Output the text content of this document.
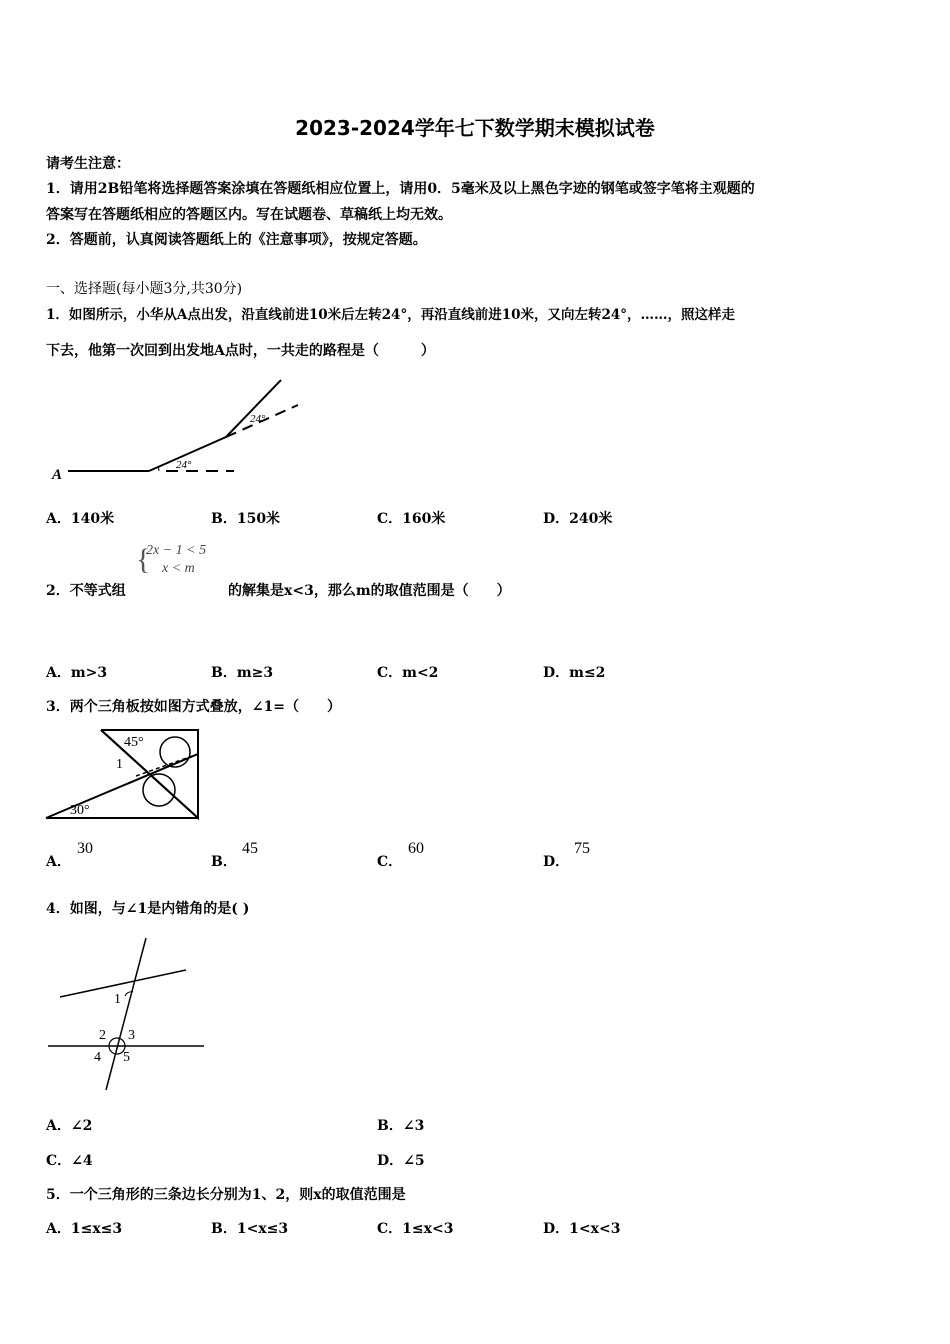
2023-2024学年七下数学期末模拟试卷
请考生注意：
1．请用2B铅笔将选择题答案涂填在答题纸相应位置上，请用0．5毫米及以上黑色字迹的钢笔或签字笔将主观题的
答案写在答题纸相应的答题区内。写在试题卷、草稿纸上均无效。
2．答题前，认真阅读答题纸上的《注意事项》，按规定答题。
一、选择题(每小题3分,共30分)
1．如图所示，小华从A点出发，沿直线前进10米后左转24°，再沿直线前进10米，又向左转24°，……，照这样走
下去，他第一次回到出发地A点时，一共走的路程是（　　　）
A
24°
24°
A．140米	B．150米	C．160米	D．240米
{
2x − 1 < 5
x < m
2．不等式组	的解集是x<3，那么m的取值范围是（　　）
A．m>3	B．m≥3	C．m<2	D．m≤2
3．两个三角板按如图方式叠放，∠1=（　　）
45°
30°
1
A．
30
B．
45
C．
60
D．
75
4．如图，与∠1是内错角的是( )
1
2 3
4 5
A．∠2	B．∠3
C．∠4	D．∠5
5．一个三角形的三条边长分别为1、2，则x的取值范围是
A．1≤x≤3	B．1<x≤3	C．1≤x<3	D．1<x<3
